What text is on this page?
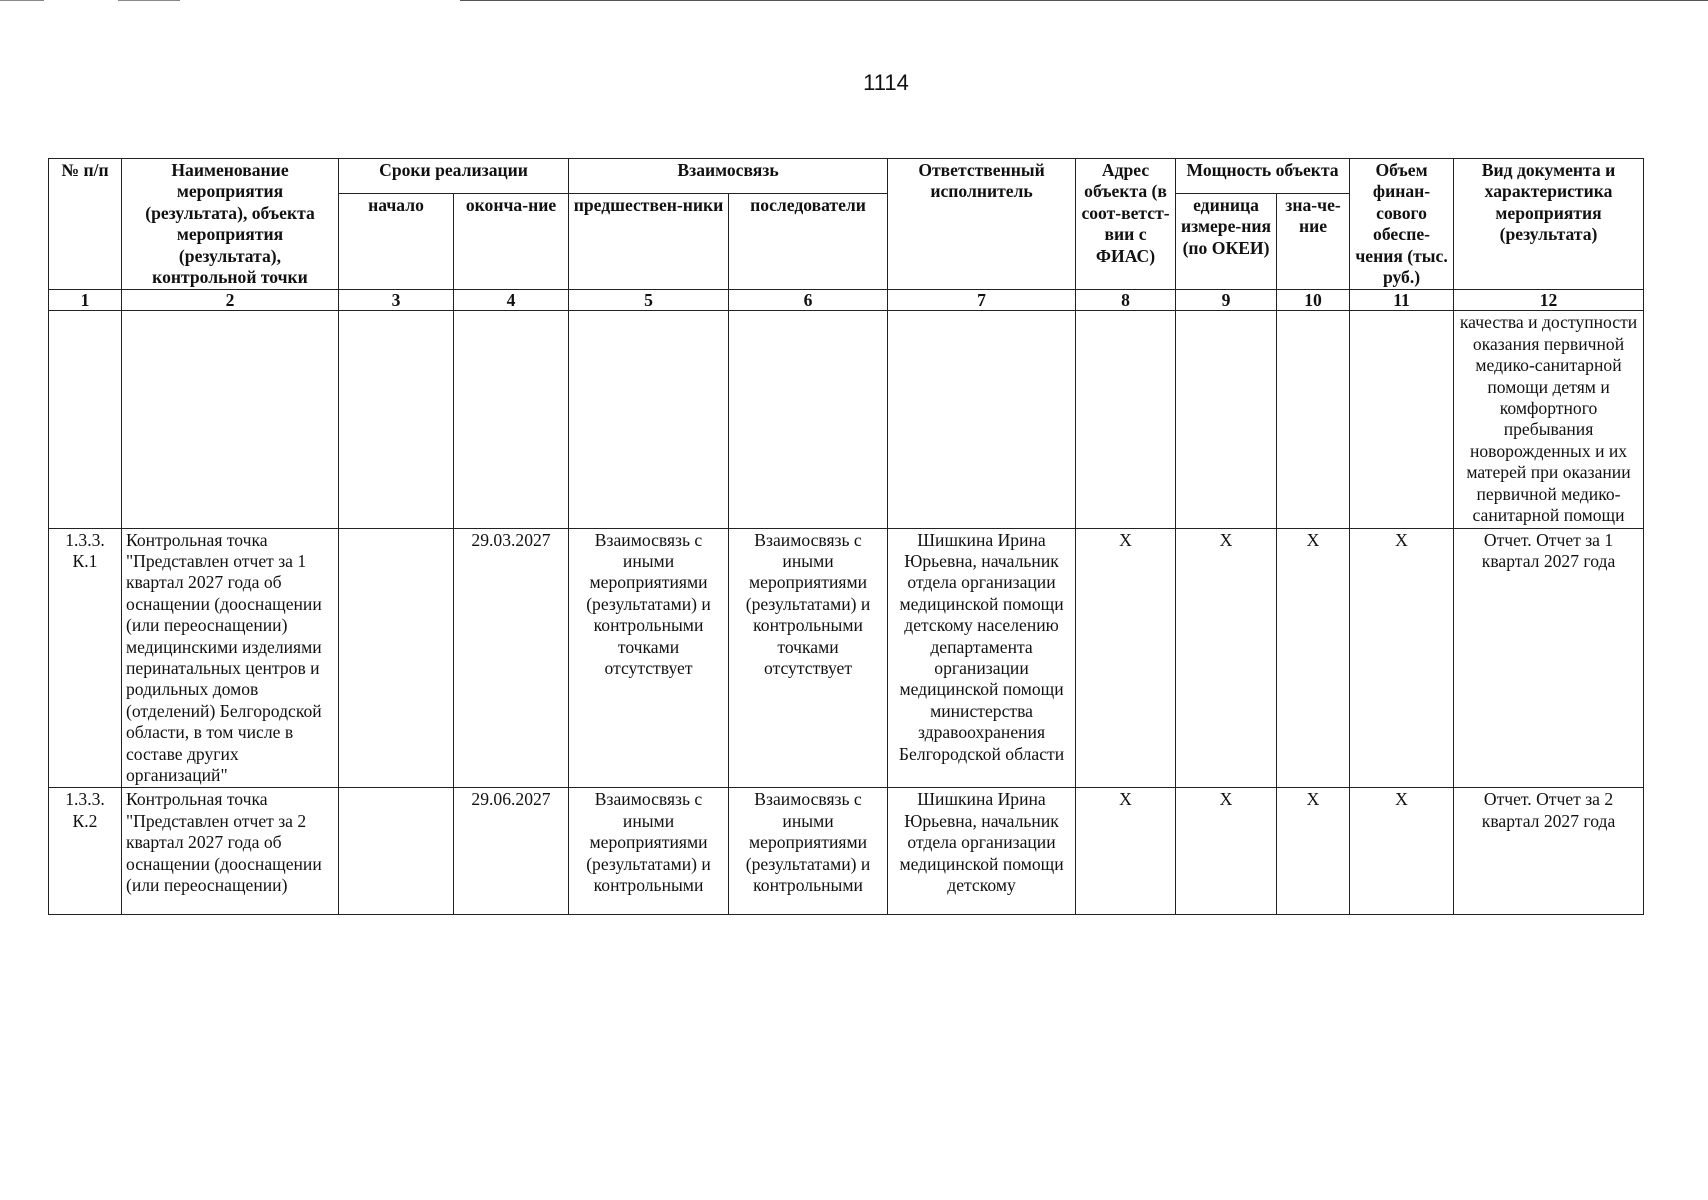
1114
№ п/п	Наименование мероприятия (результата), объекта мероприятия (результата), контрольной точки	Сроки реализации		Взаимосвязь		Ответственный исполнитель	Адрес объекта (в соот-ветст-вии с ФИАС)	Мощность объекта		Объем финан-сового обеспе-чения (тыс. руб.)	Вид документа и характеристика мероприятия (результата)
		начало	оконча-ние	предшествен-ники	последователи			единица измере-ния (по ОКЕИ)	зна-че-ние		
1	2	3	4	5	6	7	8	9	10	11	12
											качества и доступности оказания первичной медико-санитарной помощи детям и комфортного пребывания новорожденных и их матерей при оказании первичной медико-санитарной помощи
1.3.3. К.1	Контрольная точка "Представлен отчет за 1 квартал 2027 года об оснащении (дооснащении (или переоснащении) медицинскими изделиями перинатальных центров и родильных домов (отделений) Белгородской области, в том числе в составе других организаций"		29.03.2027	Взаимосвязь с иными мероприятиями (результатами) и контрольными точками отсутствует	Взаимосвязь с иными мероприятиями (результатами) и контрольными точками отсутствует	Шишкина Ирина Юрьевна, начальник отдела организации медицинской помощи детскому населению департамента организации медицинской помощи министерства здравоохранения Белгородской области	X	X	X	X	Отчет. Отчет за 1 квартал 2027 года
1.3.3. К.2	Контрольная точка "Представлен отчет за 2 квартал 2027 года об оснащении (дооснащении (или переоснащении)		29.06.2027	Взаимосвязь с иными мероприятиями (результатами) и контрольными	Взаимосвязь с иными мероприятиями (результатами) и контрольными	Шишкина Ирина Юрьевна, начальник отдела организации медицинской помощи детскому	X	X	X	X	Отчет. Отчет за 2 квартал 2027 года
